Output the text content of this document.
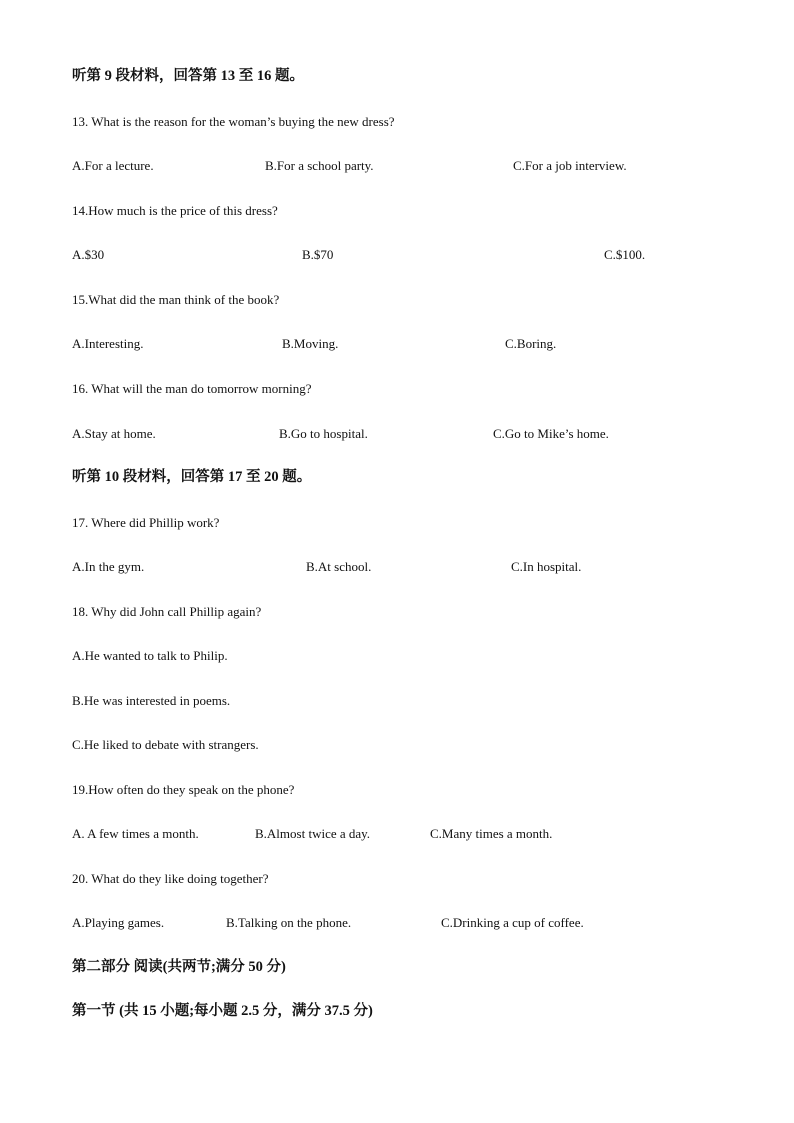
听第 9 段材料，回答第 13 至 16 题。
13. What is the reason for the woman’s buying the new dress?
A.For a lecture.	B.For a school party.	C.For a job interview.
14.How much is the price of this dress?
A.$30	B.$70	C.$100.
15.What did the man think of the book?
A.Interesting.	B.Moving.	C.Boring.
16. What will the man do tomorrow morning?
A.Stay at home.	B.Go to hospital.	C.Go to Mike’s home.
听第 10 段材料，回答第 17 至 20 题。
17. Where did Phillip work?
A.In the gym.	B.At school.	C.In hospital.
18. Why did John call Phillip again?
A.He wanted to talk to Philip.
B.He was interested in poems.
C.He liked to debate with strangers.
19.How often do they speak on the phone?
A. A few times a month.	B.Almost twice a day.	C.Many times a month.
20. What do they like doing together?
A.Playing games.	B.Talking on the phone.	C.Drinking a cup of coffee.
第二部分 阅读(共两节;满分 50 分)
第一节 (共 15 小题;每小题 2.5 分，满分 37.5 分)
